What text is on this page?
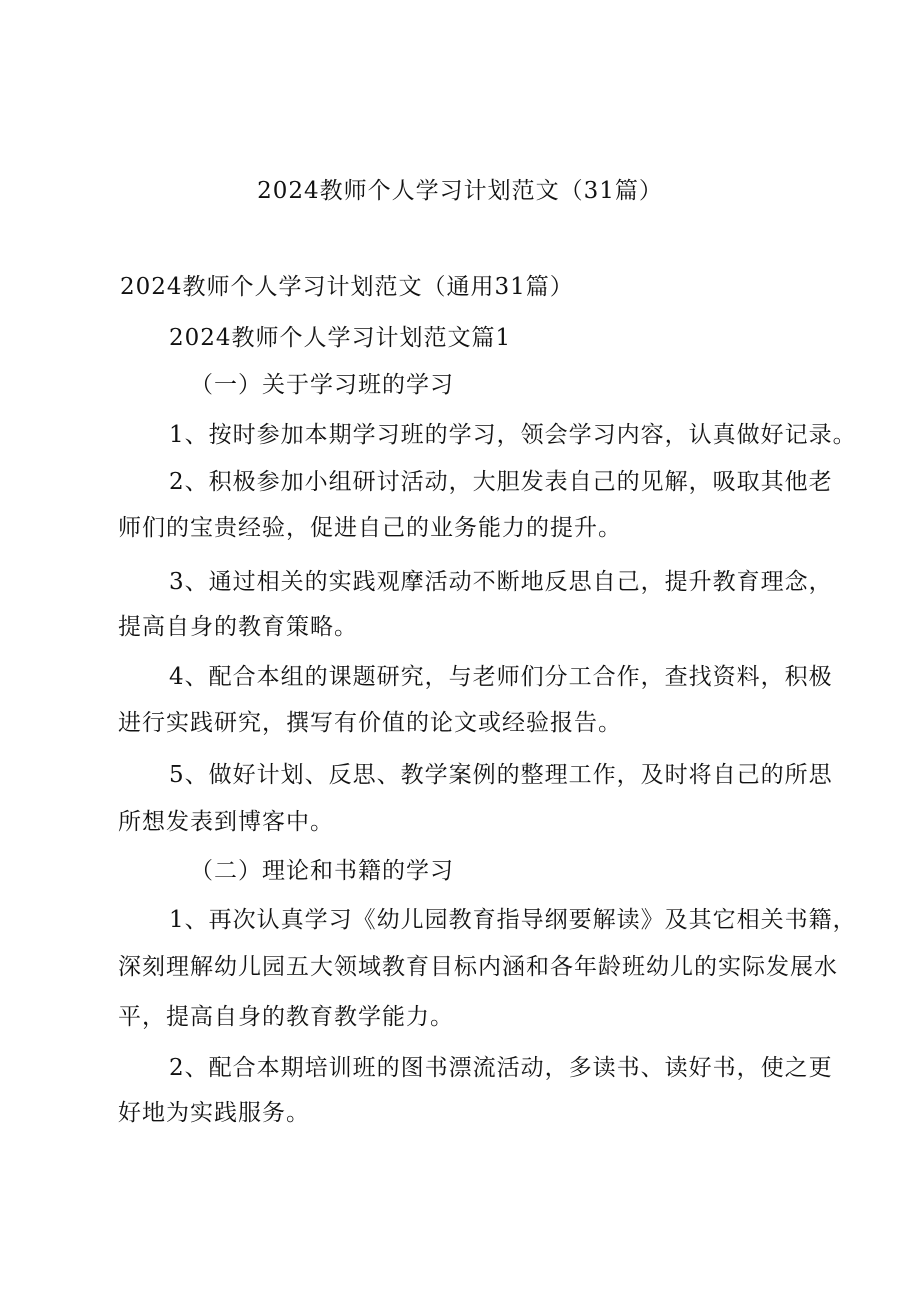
2024教师个人学习计划范文（31篇）
2024教师个人学习计划范文（通用31篇）
2024教师个人学习计划范文篇1
（一）关于学习班的学习
1、按时参加本期学习班的学习，领会学习内容，认真做好记录。
2、积极参加小组研讨活动，大胆发表自己的见解，吸取其他老
师们的宝贵经验，促进自己的业务能力的提升。
3、通过相关的实践观摩活动不断地反思自己，提升教育理念，
提高自身的教育策略。
4、配合本组的课题研究，与老师们分工合作，查找资料，积极
进行实践研究，撰写有价值的论文或经验报告。
5、做好计划、反思、教学案例的整理工作，及时将自己的所思
所想发表到博客中。
（二）理论和书籍的学习
1、再次认真学习《幼儿园教育指导纲要解读》及其它相关书籍，
深刻理解幼儿园五大领域教育目标内涵和各年龄班幼儿的实际发展水
平，提高自身的教育教学能力。
2、配合本期培训班的图书漂流活动，多读书、读好书，使之更
好地为实践服务。
